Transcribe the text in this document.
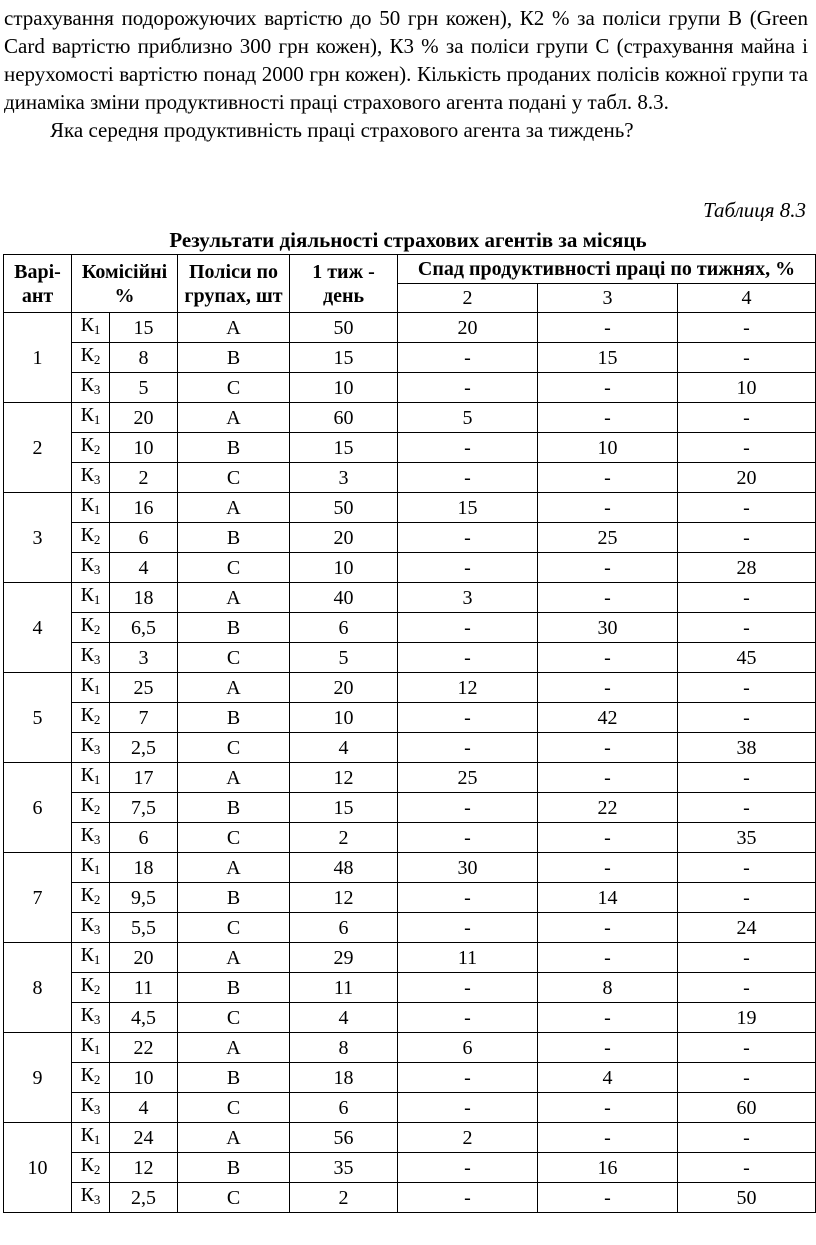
страхування подорожуючих вартістю до 50 грн кожен), К2 % за поліси групи В (Green Card вартістю приблизно 300 грн кожен), К3 % за поліси групи С (страхування майна і нерухомості вартістю понад 2000 грн кожен). Кількість проданих полісів кожної групи та динаміка зміни продуктивності праці страхового агента подані у табл. 8.3.

Яка середня продуктивність праці страхового агента за тиждень?

Таблиця 8.3
Результати діяльності страхових агентів за місяць
Варі-ант	Комісійні %		Поліси по групах, шт	1 тиж - день	Спад продуктивності праці по тижнях, %		
					2	3	4
1	$К_1$	15	A	50	20	-	-
	$К_2$	8	B	15	-	15	-
	$К_3$	5	C	10	-	-	10
2	$К_1$	20	A	60	5	-	-
	$К_2$	10	B	15	-	10	-
	$К_3$	2	C	3	-	-	20
3	$К_1$	16	A	50	15	-	-
	$К_2$	6	B	20	-	25	-
	$К_3$	4	C	10	-	-	28
4	$К_1$	18	A	40	3	-	-
	$К_2$	6,5	B	6	-	30	-
	$К_3$	3	C	5	-	-	45
5	$К_1$	25	A	20	12	-	-
	$К_2$	7	B	10	-	42	-
	$К_3$	2,5	C	4	-	-	38
6	$К_1$	17	A	12	25	-	-
	$К_2$	7,5	B	15	-	22	-
	$К_3$	6	C	2	-	-	35
7	$К_1$	18	A	48	30	-	-
	$К_2$	9,5	B	12	-	14	-
	$К_3$	5,5	C	6	-	-	24
8	$К_1$	20	A	29	11	-	-
	$К_2$	11	B	11	-	8	-
	$К_3$	4,5	C	4	-	-	19
9	$К_1$	22	A	8	6	-	-
	$К_2$	10	B	18	-	4	-
	$К_3$	4	C	6	-	-	60
10	$К_1$	24	A	56	2	-	-
	$К_2$	12	B	35	-	16	-
	$К_3$	2,5	C	2	-	-	50
